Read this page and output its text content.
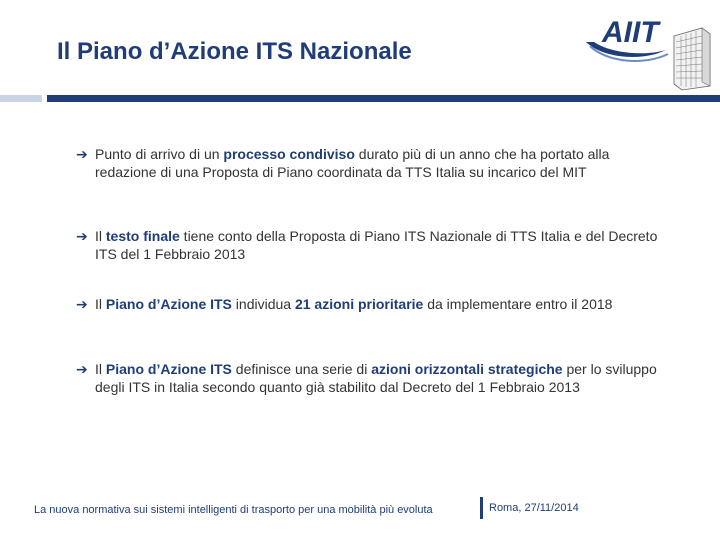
Il Piano d’Azione ITS Nazionale
AIIT
➔ Punto di arrivo di un processo condiviso durato più di un anno che ha portato alla redazione di una Proposta di Piano coordinata da TTS Italia su incarico del MIT
➔ Il testo finale tiene conto della Proposta di Piano ITS Nazionale di TTS Italia e del Decreto ITS del 1 Febbraio 2013
➔ Il Piano d’Azione ITS individua 21 azioni prioritarie da implementare entro il 2018
➔ Il Piano d’Azione ITS definisce una serie di azioni orizzontali strategiche per lo sviluppo degli ITS in Italia secondo quanto già stabilito dal Decreto del 1 Febbraio 2013
La nuova normativa sui sistemi intelligenti di trasporto per una mobilità più evoluta	Roma, 27/11/2014
